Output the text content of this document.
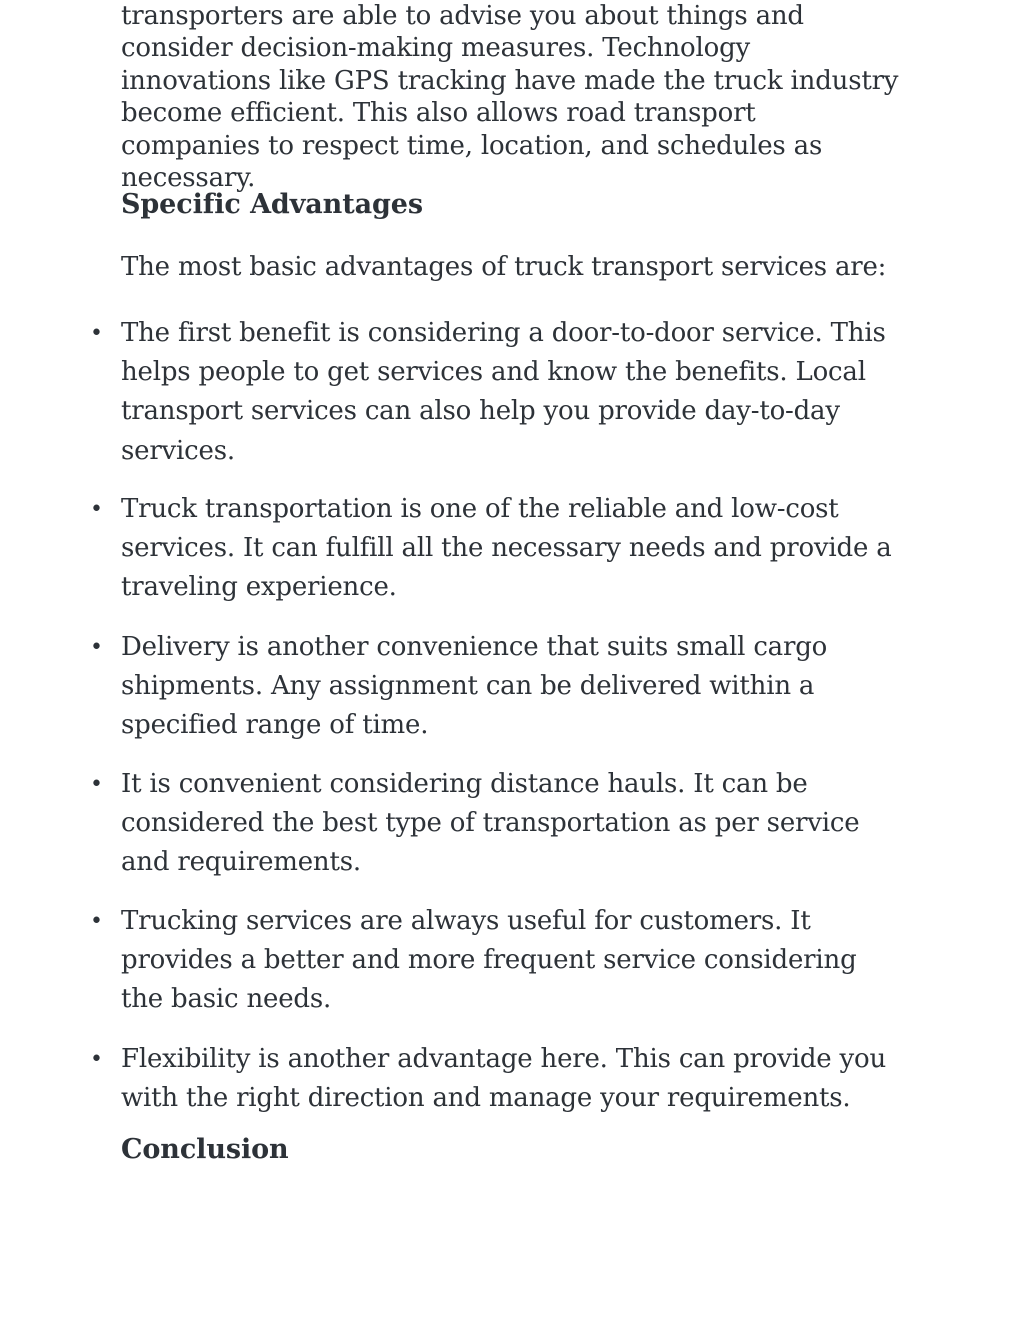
transporters are able to advise you about things and consider decision-making measures. Technology innovations like GPS tracking have made the truck industry become efficient. This also allows road transport companies to respect time, location, and schedules as necessary.

Specific Advantages

The most basic advantages of truck transport services are:

• The first benefit is considering a door-to-door service. This helps people to get services and know the benefits. Local transport services can also help you provide day-to-day services.
• Truck transportation is one of the reliable and low-cost services. It can fulfill all the necessary needs and provide a traveling experience.
• Delivery is another convenience that suits small cargo shipments. Any assignment can be delivered within a specified range of time.
• It is convenient considering distance hauls. It can be considered the best type of transportation as per service and requirements.
• Trucking services are always useful for customers. It provides a better and more frequent service considering the basic needs.
• Flexibility is another advantage here. This can provide you with the right direction and manage your requirements.
Conclusion
